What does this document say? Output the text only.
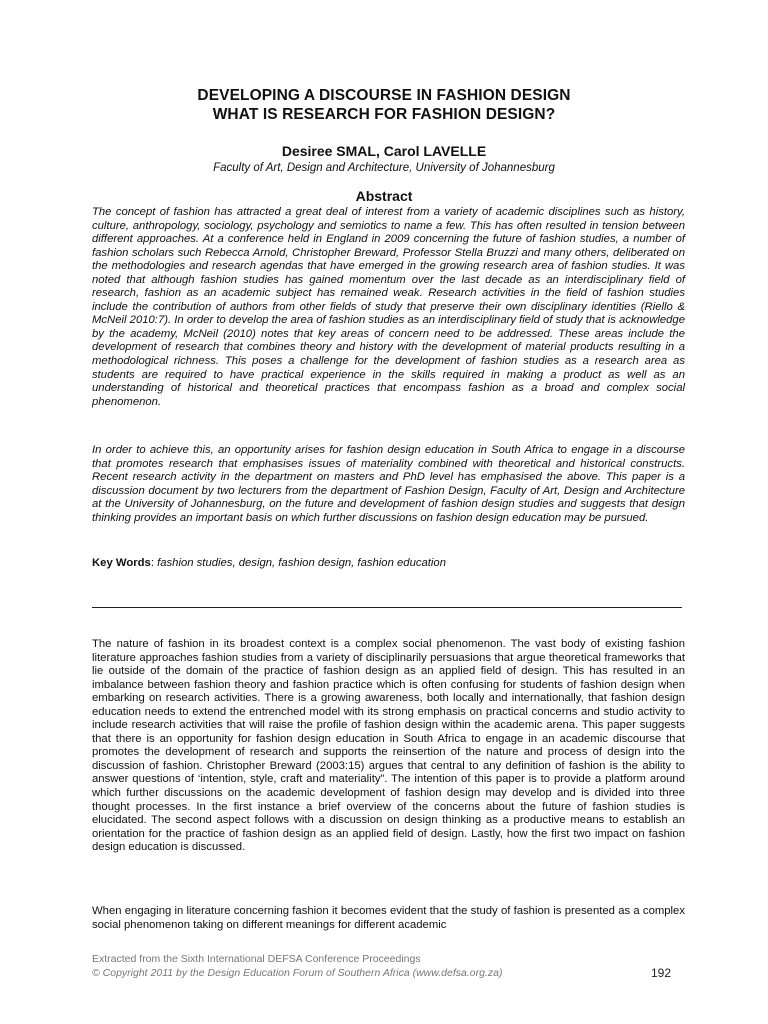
DEVELOPING A DISCOURSE IN FASHION DESIGN
WHAT IS RESEARCH FOR FASHION DESIGN?
Desiree SMAL, Carol LAVELLE
Faculty of Art, Design and Architecture, University of Johannesburg
Abstract

The concept of fashion has attracted a great deal of interest from a variety of academic disciplines such as history, culture, anthropology, sociology, psychology and semiotics to name a few. This has often resulted in tension between different approaches. At a conference held in England in 2009 concerning the future of fashion studies, a number of fashion scholars such Rebecca Arnold, Christopher Breward, Professor Stella Bruzzi and many others, deliberated on the methodologies and research agendas that have emerged in the growing research area of fashion studies. It was noted that although fashion studies has gained momentum over the last decade as an interdisciplinary field of research, fashion as an academic subject has remained weak. Research activities in the field of fashion studies include the contribution of authors from other fields of study that preserve their own disciplinary identities (Riello & McNeil 2010:7). In order to develop the area of fashion studies as an interdisciplinary field of study that is acknowledge by the academy, McNeil (2010) notes that key areas of concern need to be addressed. These areas include the development of research that combines theory and history with the development of material products resulting in a methodological richness. This poses a challenge for the development of fashion studies as a research area as students are required to have practical experience in the skills required in making a product as well as an understanding of historical and theoretical practices that encompass fashion as a broad and complex social phenomenon.

In order to achieve this, an opportunity arises for fashion design education in South Africa to engage in a discourse that promotes research that emphasises issues of materiality combined with theoretical and historical constructs. Recent research activity in the department on masters and PhD level has emphasised the above. This paper is a discussion document by two lecturers from the department of Fashion Design, Faculty of Art, Design and Architecture at the University of Johannesburg, on the future and development of fashion design studies and suggests that design thinking provides an important basis on which further discussions on fashion design education may be pursued.

Key Words: fashion studies, design, fashion design, fashion education

The nature of fashion in its broadest context is a complex social phenomenon. The vast body of existing fashion literature approaches fashion studies from a variety of disciplinarily persuasions that argue theoretical frameworks that lie outside of the domain of the practice of fashion design as an applied field of design. This has resulted in an imbalance between fashion theory and fashion practice which is often confusing for students of fashion design when embarking on research activities. There is a growing awareness, both locally and internationally, that fashion design education needs to extend the entrenched model with its strong emphasis on practical concerns and studio activity to include research activities that will raise the profile of fashion design within the academic arena. This paper suggests that there is an opportunity for fashion design education in South Africa to engage in an academic discourse that promotes the development of research and supports the reinsertion of the nature and process of design into the discussion of fashion. Christopher Breward (2003:15) argues that central to any definition of fashion is the ability to answer questions of ‘intention, style, craft and materiality”. The intention of this paper is to provide a platform around which further discussions on the academic development of fashion design may develop and is divided into three thought processes. In the first instance a brief overview of the concerns about the future of fashion studies is elucidated. The second aspect follows with a discussion on design thinking as a productive means to establish an orientation for the practice of fashion design as an applied field of design. Lastly, how the first two impact on fashion design education is discussed.

When engaging in literature concerning fashion it becomes evident that the study of fashion is presented as a complex social phenomenon taking on different meanings for different academic

Extracted from the Sixth International DEFSA Conference Proceedings
© Copyright 2011 by the Design Education Forum of Southern Africa (www.defsa.org.za)	192
